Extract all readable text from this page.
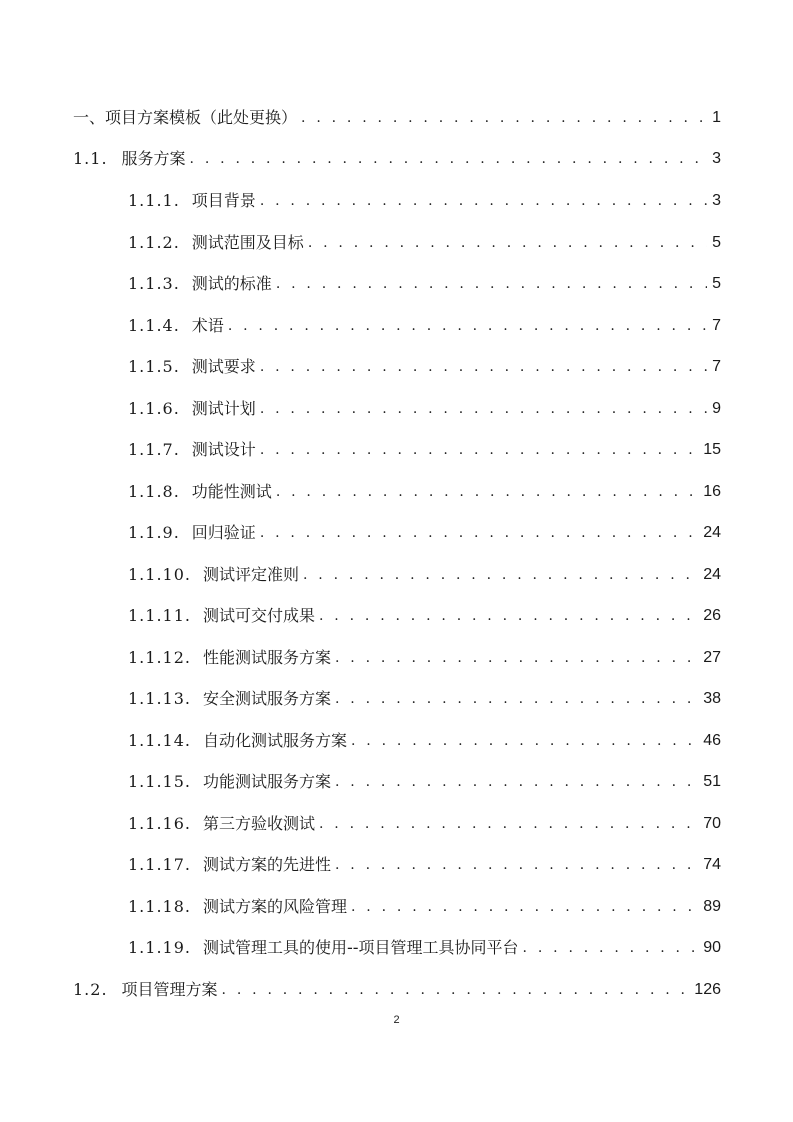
一、项目方案模板（此处更换） . . .	1
1.1. 服务方案 . . .	3
1.1.1. 项目背景 . . .	3
1.1.2. 测试范围及目标 . . .	5
1.1.3. 测试的标准 . . .	5
1.1.4. 术语 . . .	7
1.1.5. 测试要求 . . .	7
1.1.6. 测试计划 . . .	9
1.1.7. 测试设计 . . .	15
1.1.8. 功能性测试 . . .	16
1.1.9. 回归验证 . . .	24
1.1.10. 测试评定准则 . . .	24
1.1.11. 测试可交付成果 . . .	26
1.1.12. 性能测试服务方案 . . .	27
1.1.13. 安全测试服务方案 . . .	38
1.1.14. 自动化测试服务方案 . . .	46
1.1.15. 功能测试服务方案 . . .	51
1.1.16. 第三方验收测试 . . .	70
1.1.17. 测试方案的先进性 . . .	74
1.1.18. 测试方案的风险管理 . . .	89
1.1.19. 测试管理工具的使用--项目管理工具协同平台 . . .	90
1.2. 项目管理方案 . . .	126
2
